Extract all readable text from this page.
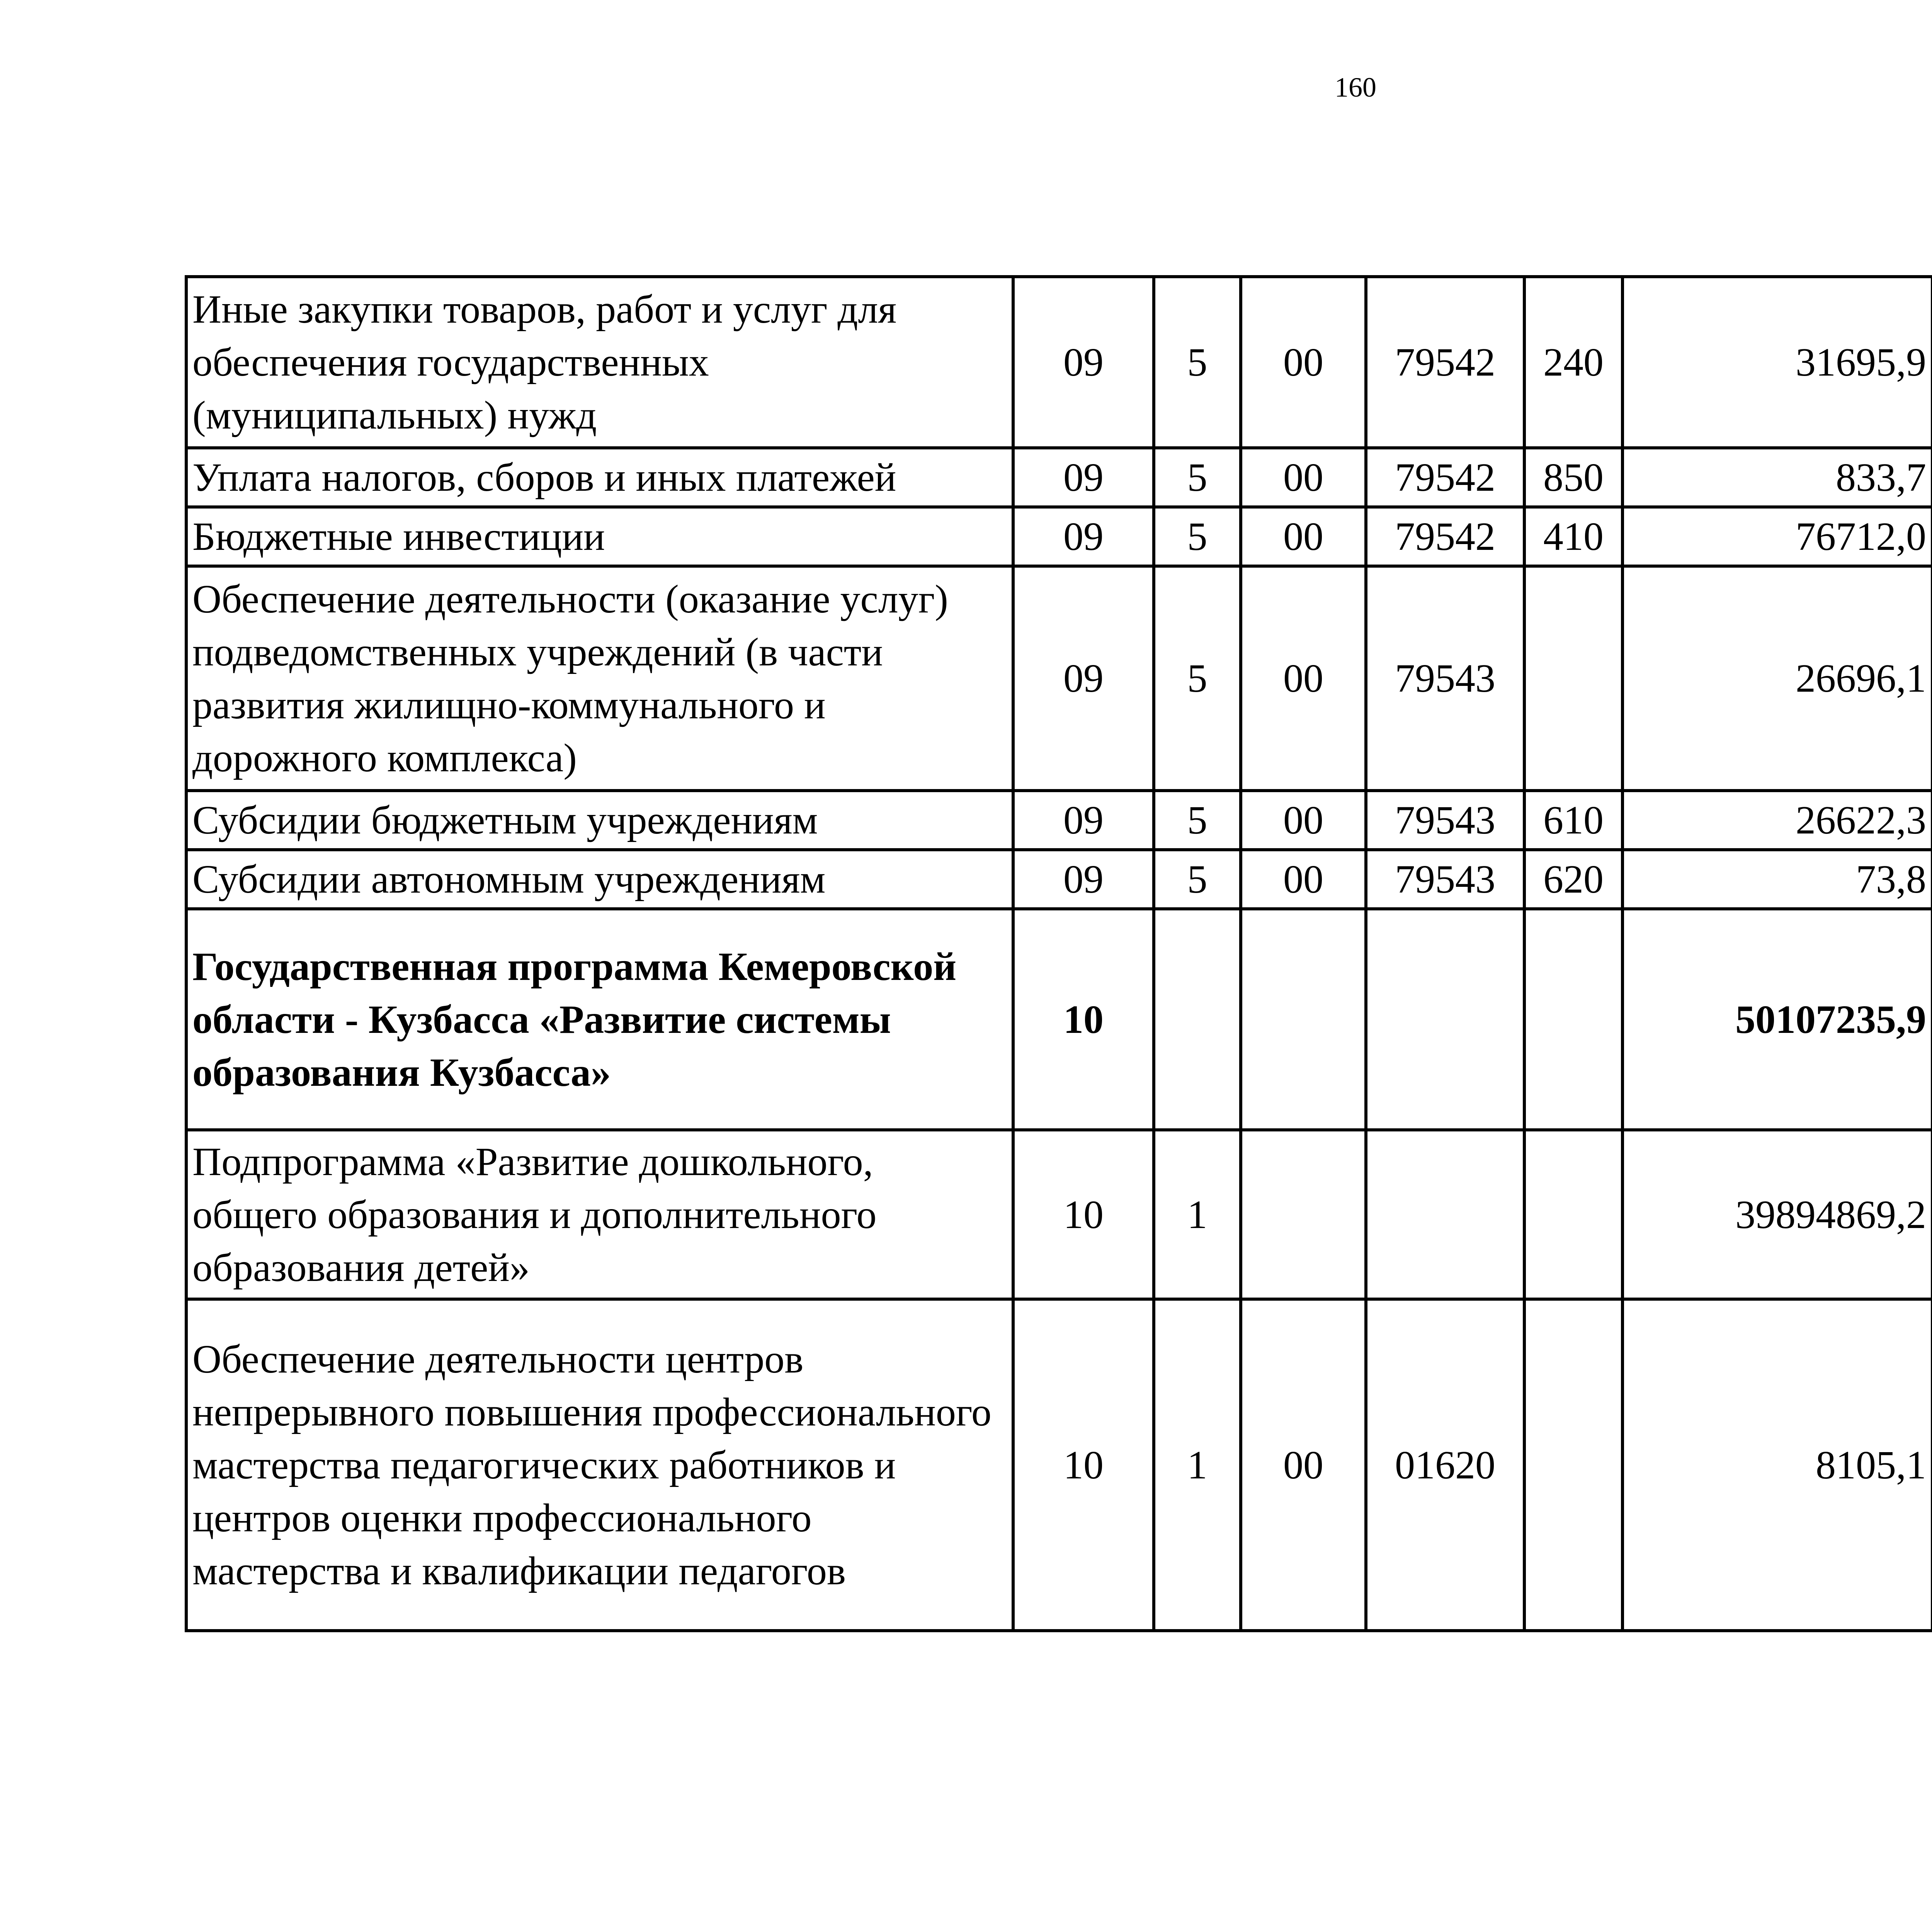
160
Иные закупки товаров, работ и услуг для обеспечения государственных (муниципальных) нужд	09	5	00	79542	240	31695,9		
Уплата налогов, сборов и иных платежей	09	5	00	79542	850	833,7		
Бюджетные инвестиции	09	5	00	79542	410	76712,0		
Обеспечение деятельности (оказание услуг) подведомственных учреждений (в части развития жилищно-коммунального и дорожного комплекса)	09	5	00	79543		26696,1		
Субсидии бюджетным учреждениям	09	5	00	79543	610	26622,3		
Субсидии автономным учреждениям	09	5	00	79543	620	73,8		
Государственная программа Кемеровской области - Кузбасса «Развитие системы образования Кузбасса»	10					50107235,9		
Подпрограмма «Развитие дошкольного, общего образования и дополнительного образования детей»	10	1				39894869,2		
Обеспечение деятельности центров непрерывного повышения профессионального мастерства педагогических работников и центров оценки профессионального мастерства и квалификации педагогов	10	1	00	01620		8105,1		
